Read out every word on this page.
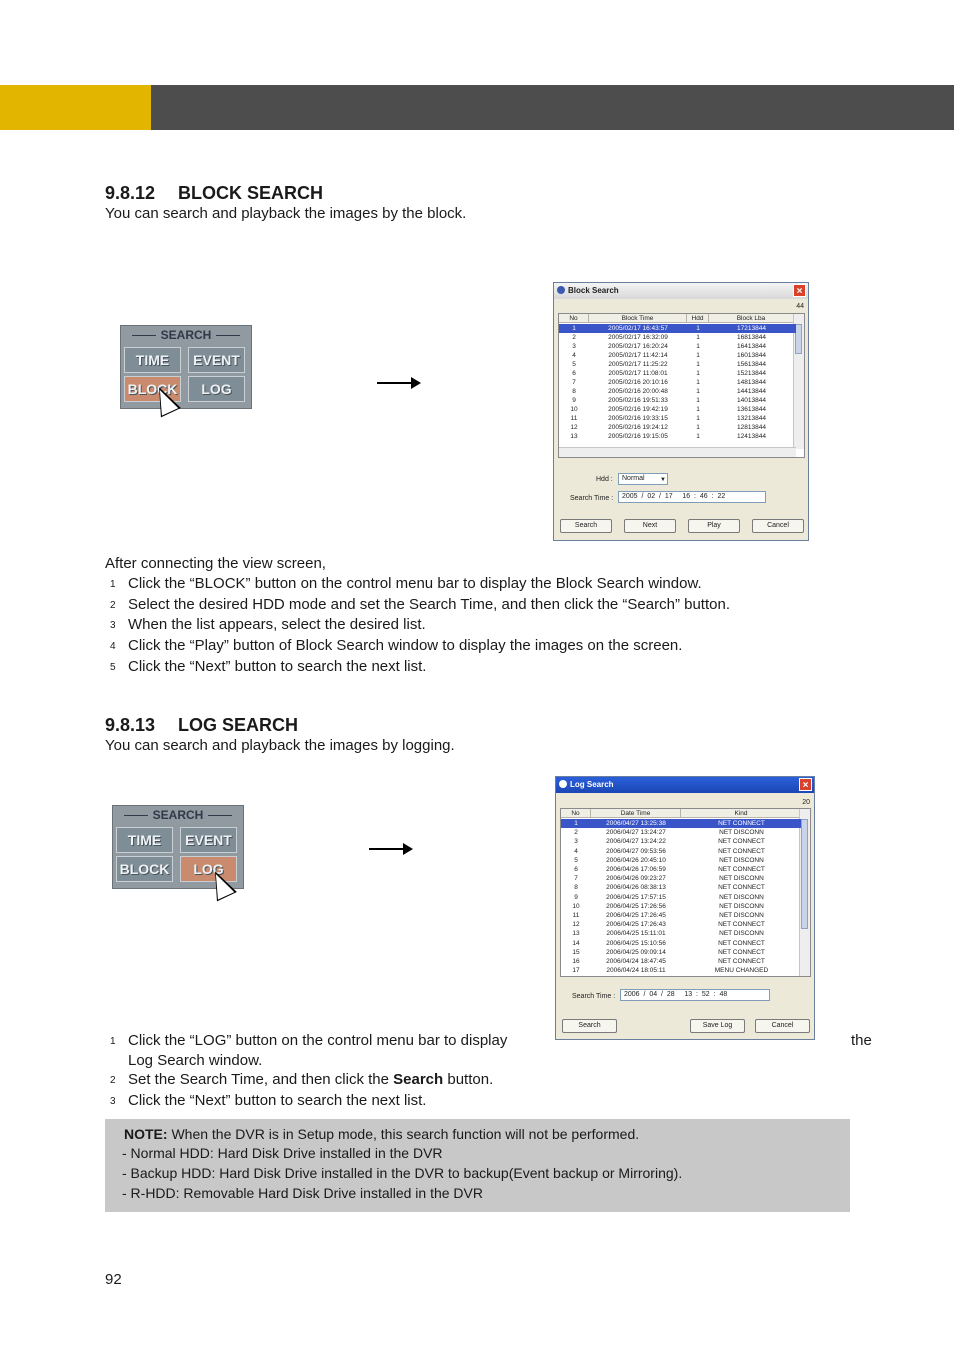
9.8.12 BLOCK SEARCH
You can search and playback the images by the block.
SEARCH
TIME	EVENT
BLOCK	LOG
Block Search	×
44
No	Block Time	Hdd	Block Lba
1	2005/02/17 16:43:57	1	17213844
2	2005/02/17 16:32:09	1	16813844
3	2005/02/17 16:20:24	1	16413844
4	2005/02/17 11:42:14	1	16013844
5	2005/02/17 11:25:22	1	15613844
6	2005/02/17 11:08:01	1	15213844
7	2005/02/16 20:10:16	1	14813844
8	2005/02/16 20:00:48	1	14413844
9	2005/02/16 19:51:33	1	14013844
10	2005/02/16 19:42:19	1	13613844
11	2005/02/16 19:33:15	1	13213844
12	2005/02/16 19:24:12	1	12813844
13	2005/02/16 19:15:05	1	12413844
Hdd :	Normal	▼
Search Time :	2005  /  02  /  17 16  :  46  :  22
Search	Next	Play	Cancel
After connecting the view screen,
1 Click the “BLOCK” button on the control menu bar to display the Block Search window.
2 Select the desired HDD mode and set the Search Time, and then click the “Search” button.
3 When the list appears, select the desired list.
4 Click the “Play” button of Block Search window to display the images on the screen.
5 Click the “Next” button to search the next list.
9.8.13 LOG SEARCH
You can search and playback the images by logging.
SEARCH
TIME	EVENT
BLOCK	LOG
Log Search	×
20
No	Date Time	Kind
1	2006/04/27 13:25:38	NET CONNECT
2	2006/04/27 13:24:27	NET DISCONN
3	2006/04/27 13:24:22	NET CONNECT
4	2006/04/27 09:53:56	NET CONNECT
5	2006/04/26 20:45:10	NET DISCONN
6	2006/04/26 17:06:59	NET CONNECT
7	2006/04/26 09:23:27	NET DISCONN
8	2006/04/26 08:38:13	NET CONNECT
9	2006/04/25 17:57:15	NET DISCONN
10	2006/04/25 17:26:56	NET DISCONN
11	2006/04/25 17:26:45	NET DISCONN
12	2006/04/25 17:26:43	NET CONNECT
13	2006/04/25 15:11:01	NET DISCONN
14	2006/04/25 15:10:56	NET CONNECT
15	2006/04/25 09:09:14	NET CONNECT
16	2006/04/24 18:47:45	NET CONNECT
17	2006/04/24 18:05:11	MENU CHANGED
Search Time :	2006  /  04  /  28 13  :  52  :  48
Search	Save Log	Cancel
1 Click the “LOG” button on the control menu bar to display	the
Log Search window.
2 Set the Search Time, and then click the Search button.
3 Click the “Next” button to search the next list.
NOTE: When the DVR is in Setup mode, this search function will not be performed.
- Normal HDD: Hard Disk Drive installed in the DVR
- Backup HDD: Hard Disk Drive installed in the DVR to backup(Event backup or Mirroring).
- R-HDD: Removable Hard Disk Drive installed in the DVR
92
